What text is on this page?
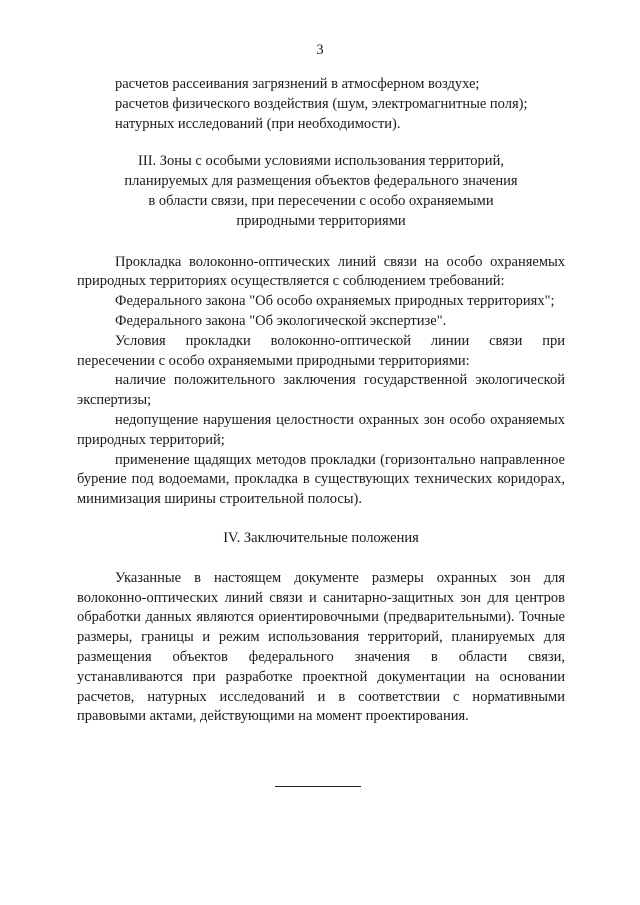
3

расчетов рассеивания загрязнений в атмосферном воздухе;

расчетов физического воздействия (шум, электромагнитные поля);

натурных исследований (при необходимости).

III. Зоны с особыми условиями использования территорий,

планируемых для размещения объектов федерального значения

в области связи, при пересечении с особо охраняемыми

природными территориями

Прокладка волоконно-оптических линий связи на особо охраняемых природных территориях осуществляется с соблюдением требований:

Федерального закона "Об особо охраняемых природных территориях";

Федерального закона "Об экологической экспертизе".

Условия прокладки волоконно-оптической линии связи при пересечении с особо охраняемыми природными территориями:

наличие положительного заключения государственной экологической экспертизы;

недопущение нарушения целостности охранных зон особо охраняемых природных территорий;

применение щадящих методов прокладки (горизонтально направленное бурение под водоемами, прокладка в существующих технических коридорах, минимизация ширины строительной полосы).

IV. Заключительные положения

Указанные в настоящем документе размеры охранных зон для волоконно-оптических линий связи и санитарно-защитных зон для центров обработки данных являются ориентировочными (предварительными). Точные размеры, границы и режим использования территорий, планируемых для размещения объектов федерального значения в области связи, устанавливаются при разработке проектной документации на основании расчетов, натурных исследований и в соответствии с нормативными правовыми актами, действующими на момент проектирования.
